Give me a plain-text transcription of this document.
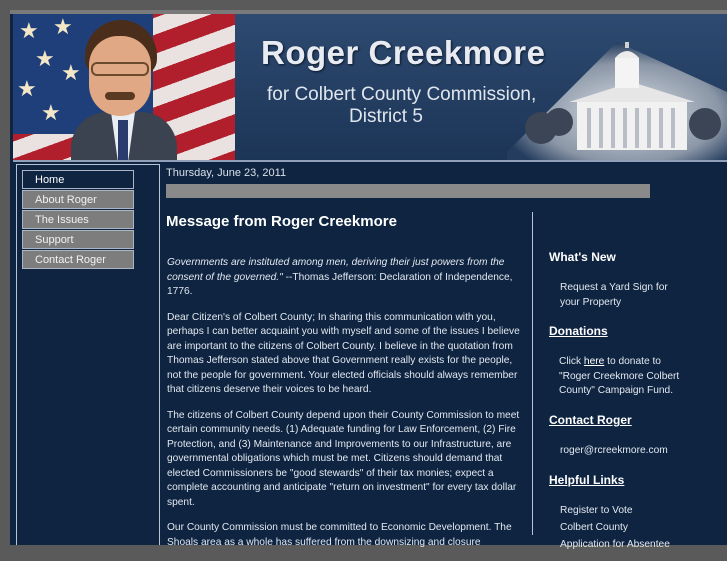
★ ★
★
★
★
★
Roger Creekmore
for Colbert County Commission,
District 5
Home
About Roger
The Issues
Support
Contact Roger
Thursday, June 23, 2011
Message from Roger Creekmore

Governments are instituted among men, deriving their just powers from the consent of the governed." --Thomas Jefferson: Declaration of Independence, 1776.

Dear Citizen's of Colbert County; In sharing this communication with you, perhaps I can better acquaint you with myself and some of the issues I believe are important to the citizens of Colbert County. I believe in the quotation from Thomas Jefferson stated above that Government really exists for the people, not the people for government. Your elected officials should always remember that citizens deserve their voices to be heard.

The citizens of Colbert County depend upon their County Commission to meet certain community needs. (1) Adequate funding for Law Enforcement, (2) Fire Protection, and (3) Maintenance and Improvements to our Infrastructure, are governmental obligations which must be met. Citizens should demand that elected Commissioners be "good stewards" of their tax monies; expect a complete accounting and anticipate "return on investment" for every tax dollar spent.

Our County Commission must be committed to Economic Development. The Shoals area as a whole has suffered from the downsizing and closure

What's New
Request a Yard Sign for your Property
Donations
Click here to donate to "Roger Creekmore Colbert County" Campaign Fund.
Contact Roger
roger@rcreekmore.com
Helpful Links
Register to Vote
Colbert County
Application for Absentee
